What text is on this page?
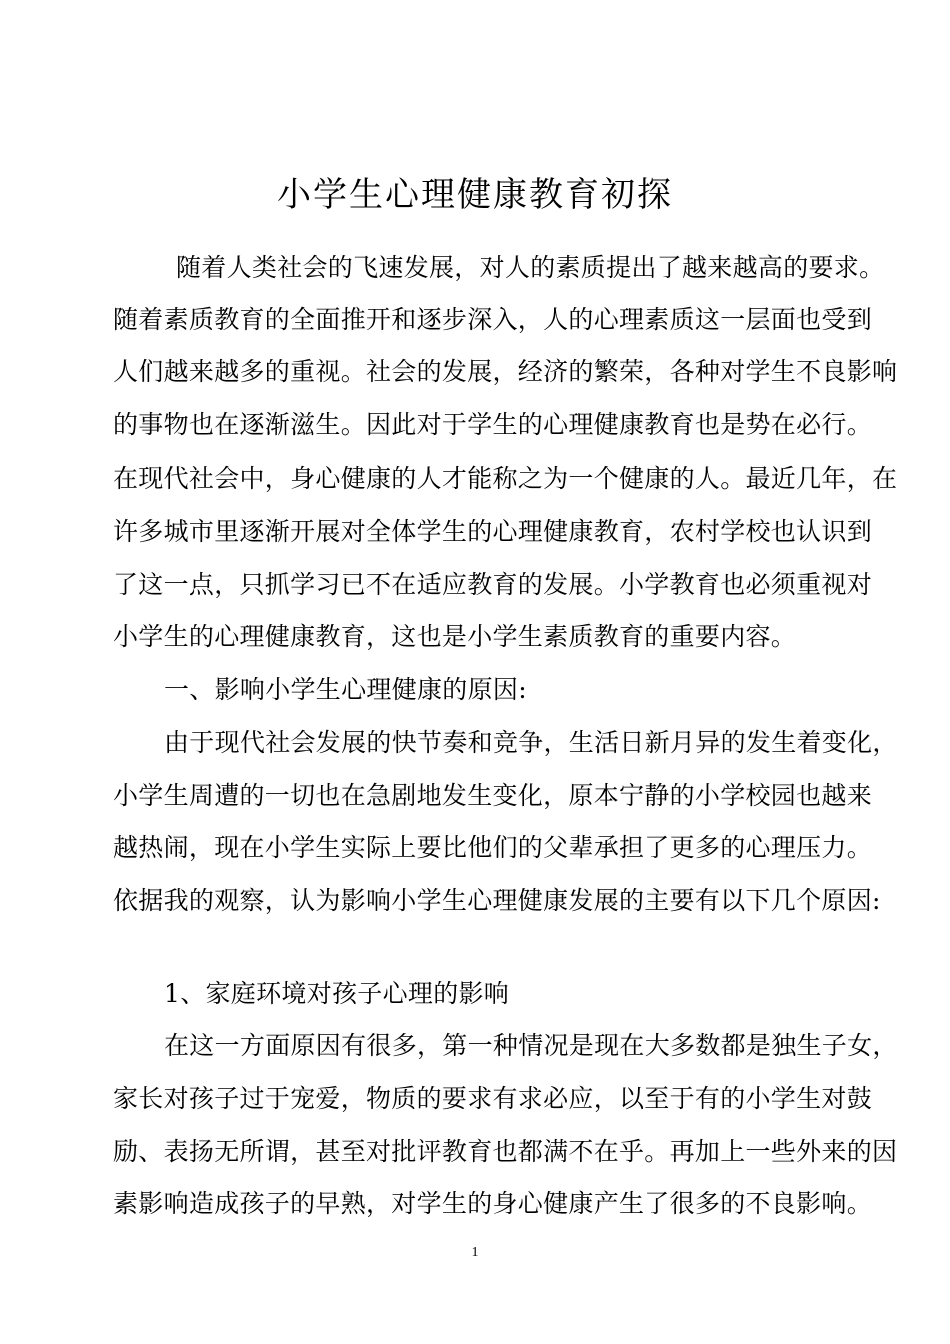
小学生心理健康教育初探
随着人类社会的飞速发展，对人的素质提出了越来越高的要求。
随着素质教育的全面推开和逐步深入，人的心理素质这一层面也受到
人们越来越多的重视。社会的发展，经济的繁荣，各种对学生不良影响
的事物也在逐渐滋生。因此对于学生的心理健康教育也是势在必行。
在现代社会中，身心健康的人才能称之为一个健康的人。最近几年，在
许多城市里逐渐开展对全体学生的心理健康教育，农村学校也认识到
了这一点，只抓学习已不在适应教育的发展。小学教育也必须重视对
小学生的心理健康教育，这也是小学生素质教育的重要内容。
一、影响小学生心理健康的原因:
由于现代社会发展的快节奏和竞争，生活日新月异的发生着变化，
小学生周遭的一切也在急剧地发生变化，原本宁静的小学校园也越来
越热闹，现在小学生实际上要比他们的父辈承担了更多的心理压力。
依据我的观察，认为影响小学生心理健康发展的主要有以下几个原因:
1、家庭环境对孩子心理的影响
在这一方面原因有很多，第一种情况是现在大多数都是独生子女，
家长对孩子过于宠爱，物质的要求有求必应，以至于有的小学生对鼓
励、表扬无所谓，甚至对批评教育也都满不在乎。再加上一些外来的因
素影响造成孩子的早熟，对学生的身心健康产生了很多的不良影响。
1
